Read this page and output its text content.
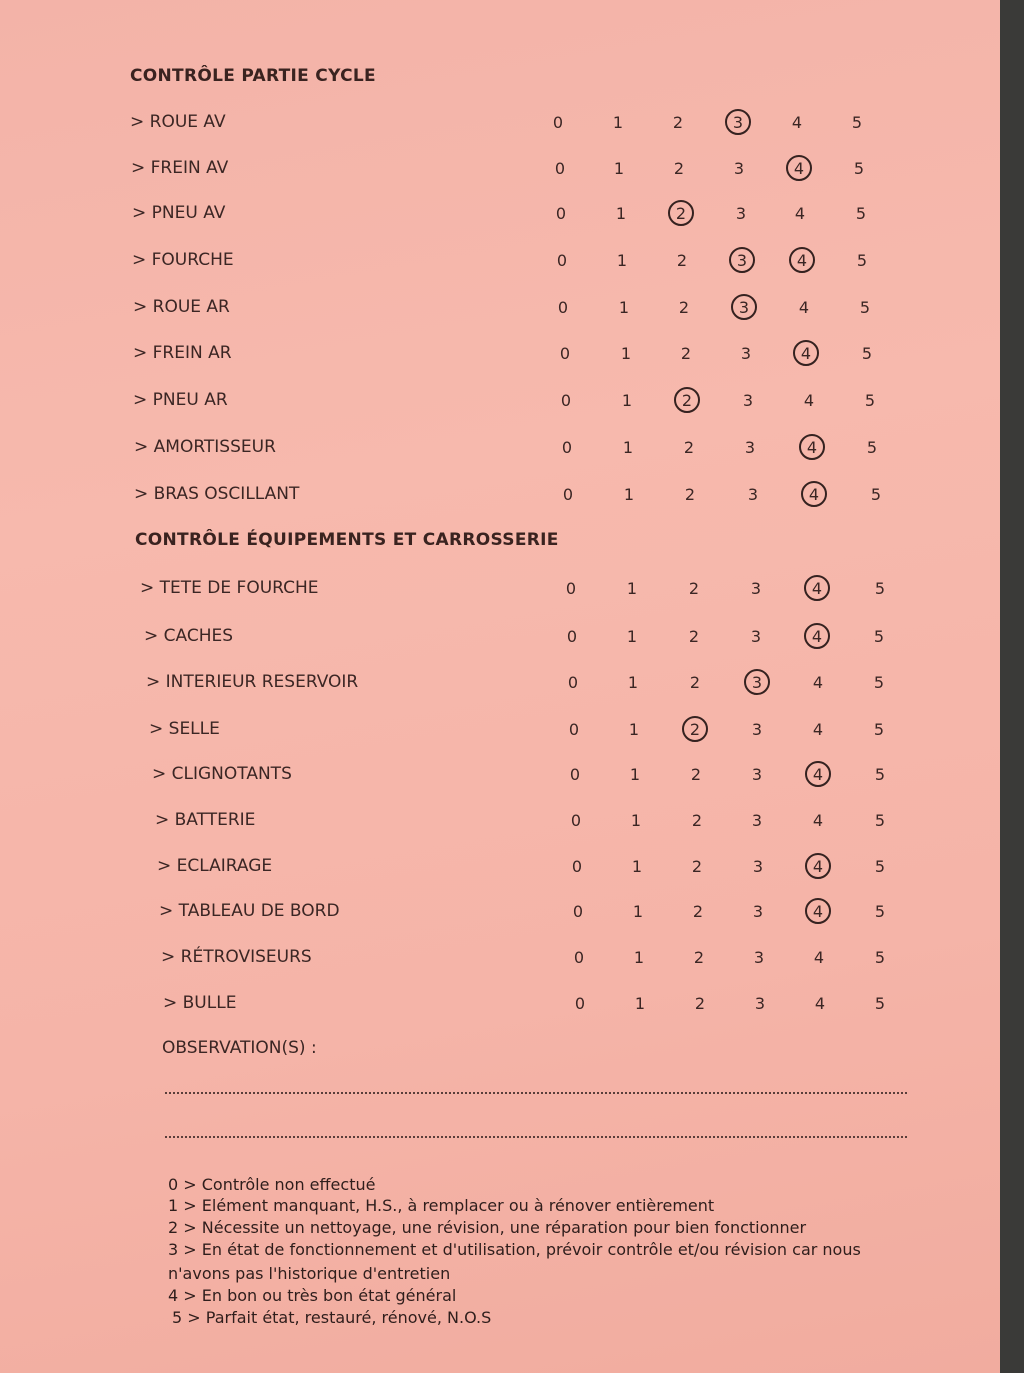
CONTRÔLE PARTIE CYCLE
CONTRÔLE ÉQUIPEMENTS ET CARROSSERIE
OBSERVATION(S) :
0 > Contrôle non effectué
1 > Elément manquant, H.S., à remplacer ou à rénover entièrement
2 > Nécessite un nettoyage, une révision, une réparation pour bien fonctionner
3 > En état de fonctionnement et d'utilisation, prévoir contrôle et/ou révision car nous
n'avons pas l'historique d'entretien
4 > En bon ou très bon état général
5 > Parfait état, restauré, rénové, N.O.S
> ROUE AV	0	1	2	3	4	5
> FREIN AV	0	1	2	3	4	5
> PNEU AV	0	1	2	3	4	5
> FOURCHE	0	1	2	3	4	5
> ROUE AR	0	1	2	3	4	5
> FREIN AR	0	1	2	3	4	5
> PNEU AR	0	1	2	3	4	5
> AMORTISSEUR	0	1	2	3	4	5
> BRAS OSCILLANT	0	1	2	3	4	5
> TETE DE FOURCHE	0	1	2	3	4	5
> CACHES	0	1	2	3	4	5
> INTERIEUR RESERVOIR	0	1	2	3	4	5
> SELLE	0	1	2	3	4	5
> CLIGNOTANTS	0	1	2	3	4	5
> BATTERIE	0	1	2	3	4	5
> ECLAIRAGE	0	1	2	3	4	5
> TABLEAU DE BORD	0	1	2	3	4	5
> RÉTROVISEURS	0	1	2	3	4	5
> BULLE	0	1	2	3	4	5
